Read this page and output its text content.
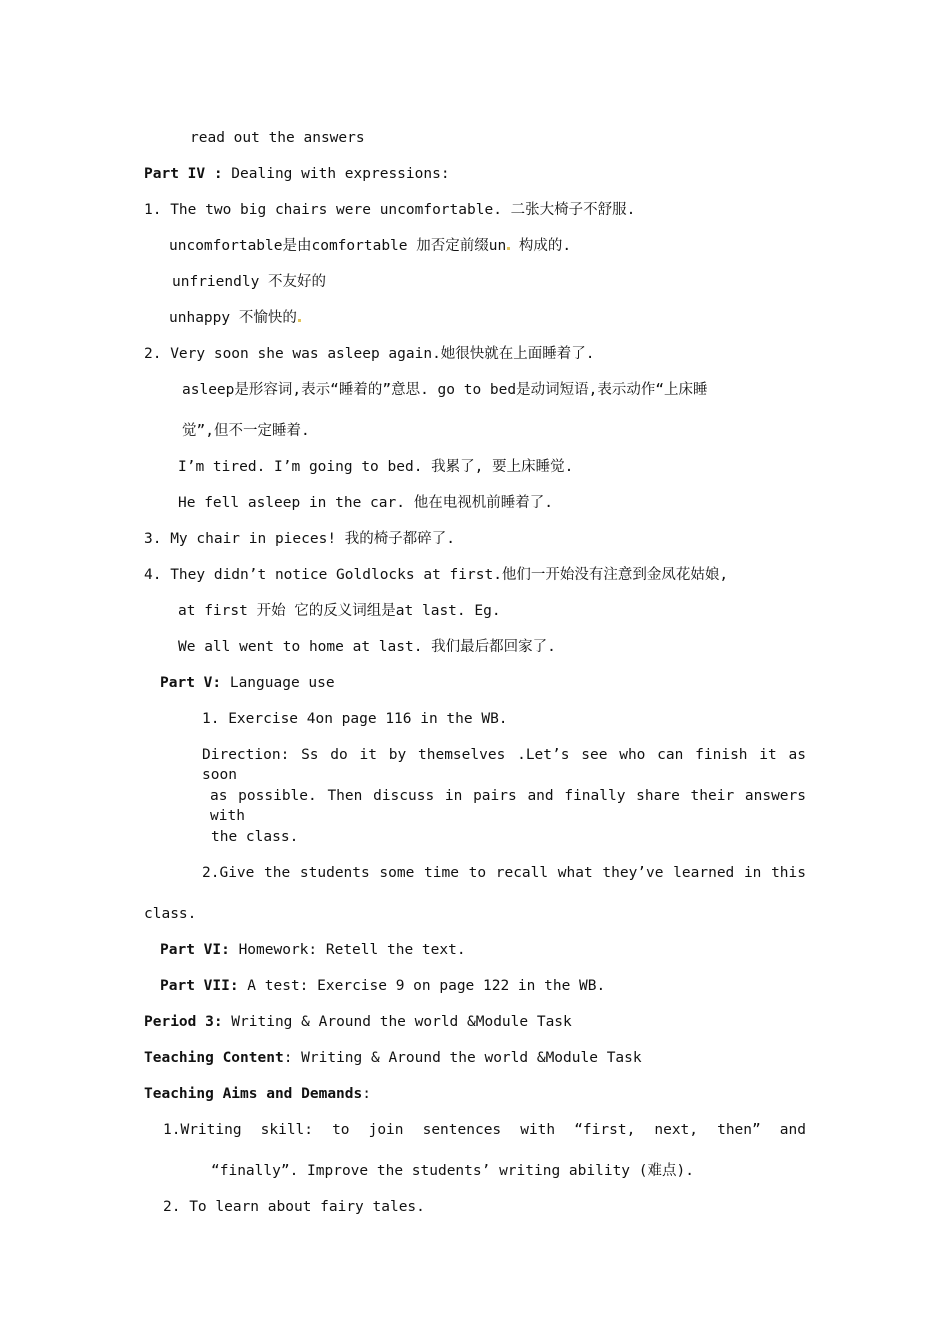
read out the answers
Part IV : Dealing with expressions:
1. The two big chairs were uncomfortable. 二张大椅子不舒服.
uncomfortable是由comfortable 加否定前缀un 构成的.
unfriendly 不友好的
unhappy 不愉快的
2. Very soon she was asleep again.她很快就在上面睡着了.
asleep是形容词,表示“睡着的”意思. go to bed是动词短语,表示动作“上床睡
觉”,但不一定睡着.
I’m tired. I’m going to bed. 我累了, 要上床睡觉.
He fell asleep in the car. 他在电视机前睡着了.
3. My chair in pieces! 我的椅子都碎了.
4. They didn’t notice Goldlocks at first.他们一开始没有注意到金凤花姑娘,
at first 开始 它的反义词组是at last. Eg.
We all went to home at last. 我们最后都回家了.
Part V: Language use
1. Exercise 4on page 116 in the WB.
Direction: Ss do it by themselves .Let’s see who can finish it as soon
as possible. Then discuss in pairs and finally share their answers with
the class.
2.Give the students some time to recall what they’ve learned in this
class.
Part VI: Homework: Retell the text.
Part VII: A test: Exercise 9 on page 122 in the WB.
Period 3: Writing & Around the world &Module Task
Teaching Content: Writing & Around the world &Module Task
Teaching Aims and Demands:
1.Writing skill: to join sentences with “first, next, then” and
“finally”. Improve the students’ writing ability (难点).
2. To learn about fairy tales.
